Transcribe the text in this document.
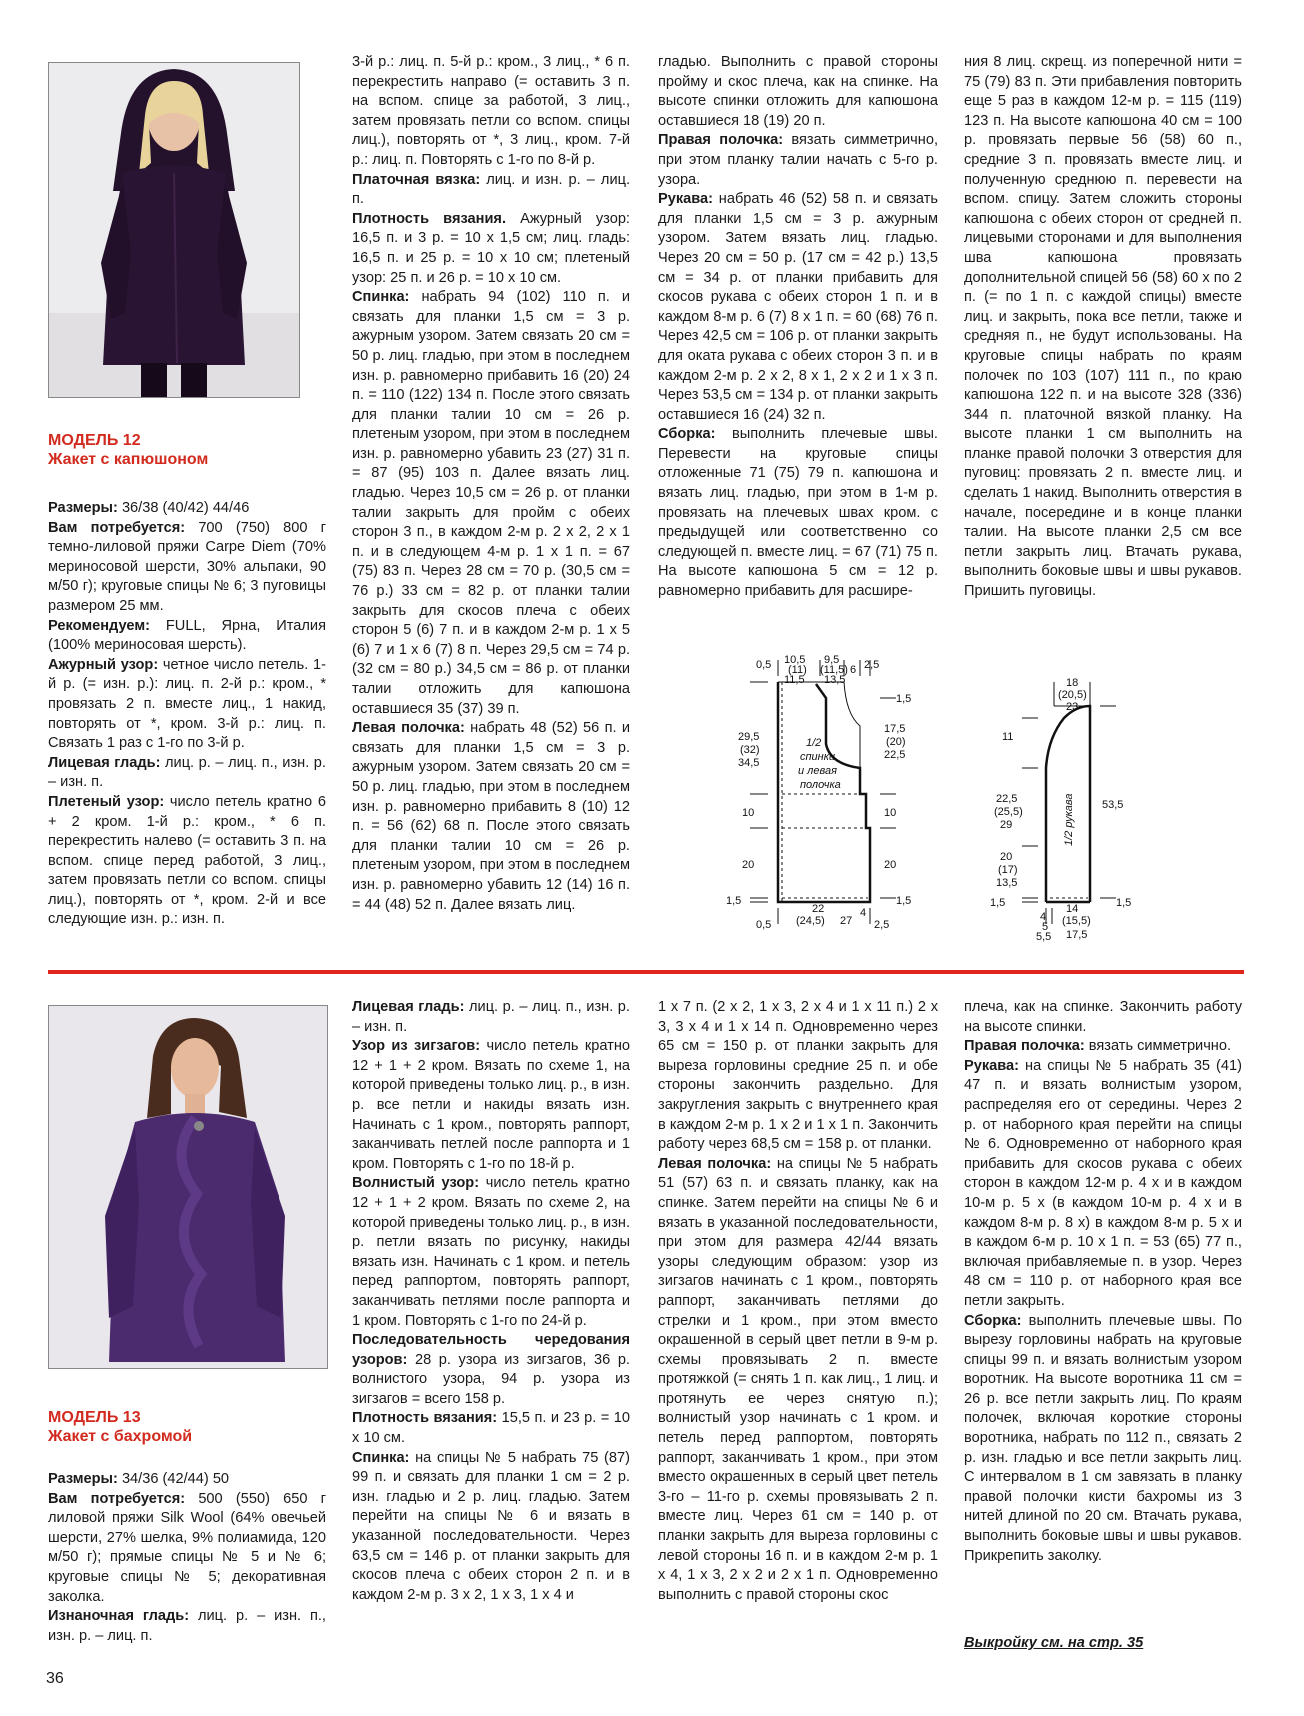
МОДЕЛЬ 12
Жакет с капюшоном

Размеры: 36/38 (40/42) 44/46

Вам потребуется: 700 (750) 800 г темно-лиловой пряжи Carpe Diem (70% мериносовой шерсти, 30% альпаки, 90 м/50 г); круговые спицы № 6; 3 пуговицы размером 25 мм.

Рекомендуем: FULL, Ярна, Италия (100% мериносовая шерсть).

Ажурный узор: четное число петель. 1-й р. (= изн. р.): лиц. п. 2-й р.: кром., * провязать 2 п. вместе лиц., 1 накид, повторять от *, кром. 3-й р.: лиц. п. Связать 1 раз с 1-го по 3-й р.

Лицевая гладь: лиц. р. – лиц. п., изн. р. – изн. п.

Плетеный узор: число петель кратно 6 + 2 кром. 1-й р.: кром., * 6 п. перекрестить налево (= оставить 3 п. на вспом. спице перед работой, 3 лиц., затем провязать петли со вспом. спицы лиц.), повторять от *, кром. 2-й и все следующие изн. р.: изн. п.

3-й р.: лиц. п. 5-й р.: кром., 3 лиц., * 6 п. перекрестить направо (= оставить 3 п. на вспом. спице за работой, 3 лиц., затем провязать петли со вспом. спицы лиц.), повторять от *, 3 лиц., кром. 7-й р.: лиц. п. Повторять с 1-го по 8-й р.

Платочная вязка: лиц. и изн. р. – лиц. п.

Плотность вязания. Ажурный узор: 16,5 п. и 3 р. = 10 х 1,5 см; лиц. гладь: 16,5 п. и 25 р. = 10 х 10 см; плетеный узор: 25 п. и 26 р. = 10 х 10 см.

Спинка: набрать 94 (102) 110 п. и связать для планки 1,5 см = 3 р. ажурным узором. Затем связать 20 см = 50 р. лиц. гладью, при этом в последнем изн. р. равномерно прибавить 16 (20) 24 п. = 110 (122) 134 п. После этого связать для планки талии 10 см = 26 р. плетеным узором, при этом в последнем изн. р. равномерно убавить 23 (27) 31 п. = 87 (95) 103 п. Далее вязать лиц. гладью. Через 10,5 см = 26 р. от планки талии закрыть для пройм с обеих сторон 3 п., в каждом 2-м р. 2 х 2, 2 х 1 п. и в следующем 4-м р. 1 х 1 п. = 67 (75) 83 п. Через 28 см = 70 р. (30,5 см = 76 р.) 33 см = 82 р. от планки талии закрыть для скосов плеча с обеих сторон 5 (6) 7 п. и в каждом 2-м р. 1 х 5 (6) 7 и 1 х 6 (7) 8 п. Через 29,5 см = 74 р. (32 см = 80 р.) 34,5 см = 86 р. от планки талии отложить для капюшона оставшиеся 35 (37) 39 п.

Левая полочка: набрать 48 (52) 56 п. и связать для планки 1,5 см = 3 р. ажурным узором. Затем связать 20 см = 50 р. лиц. гладью, при этом в последнем изн. р. равномерно прибавить 8 (10) 12 п. = 56 (62) 68 п. После этого связать для планки талии 10 см = 26 р. плетеным узором, при этом в последнем изн. р. равномерно убавить 12 (14) 16 п. = 44 (48) 52 п. Далее вязать лиц.

гладью. Выполнить с правой стороны пройму и скос плеча, как на спинке. На высоте спинки отложить для капюшона оставшиеся 18 (19) 20 п.

Правая полочка: вязать симметрично, при этом планку талии начать с 5-го р. узора.

Рукава: набрать 46 (52) 58 п. и связать для планки 1,5 см = 3 р. ажурным узором. Затем вязать лиц. гладью. Через 20 см = 50 р. (17 см = 42 р.) 13,5 см = 34 р. от планки прибавить для скосов рукава с обеих сторон 1 п. и в каждом 8-м р. 6 (7) 8 х 1 п. = 60 (68) 76 п. Через 42,5 см = 106 р. от планки закрыть для оката рукава с обеих сторон 3 п. и в каждом 2-м р. 2 х 2, 8 х 1, 2 х 2 и 1 х 3 п. Через 53,5 см = 134 р. от планки закрыть оставшиеся 16 (24) 32 п.

Сборка: выполнить плечевые швы. Перевести на круговые спицы отложенные 71 (75) 79 п. капюшона и вязать лиц. гладью, при этом в 1-м р. провязать на плечевых швах кром. с предыдущей или соответственно со следующей п. вместе лиц. = 67 (71) 75 п. На высоте капюшона 5 см = 12 р. равномерно прибавить для расшире-

ния 8 лиц. скрещ. из поперечной нити = 75 (79) 83 п. Эти прибавления повторить еще 5 раз в каждом 12-м р. = 115 (119) 123 п. На высоте капюшона 40 см = 100 р. провязать первые 56 (58) 60 п., средние 3 п. провязать вместе лиц. и полученную среднюю п. перевести на вспом. спицу. Затем сложить стороны капюшона с обеих сторон от средней п. лицевыми сторонами и для выполнения шва капюшона провязать дополнительной спицей 56 (58) 60 х по 2 п. (= по 1 п. с каждой спицы) вместе лиц. и закрыть, пока все петли, также и средняя п., не будут использованы. На круговые спицы набрать по краям полочек по 103 (107) 111 п., по краю капюшона 122 п. и на высоте 328 (336) 344 п. платочной вязкой планку. На высоте планки 1 см выполнить на планке правой полочки 3 отверстия для пуговиц: провязать 2 п. вместе лиц. и сделать 1 накид. Выполнить отверстия в начале, посередине и в конце планки талии. На высоте планки 2,5 см все петли закрыть лиц. Втачать рукава, выполнить боковые швы и швы рукавов. Пришить пуговицы.

0,5 10,5
(11)
11,5
9,5
(11,5)
13,5
6 2,5
29,5
(32)
34,5
10
20
1,5
1,5
17,5
(20)
22,5
10
20
1,5
1/2
спинки
и левая
полочка
22
(24,5) 27
0,5
4
2,5
18
(20,5)
23
11
22,5
(25,5)
29
20
(17)
13,5
1,5
53,5
1,5
1/2 рукава
4
14
(15,5)
5
5,5 17,5
МОДЕЛЬ 13
Жакет с бахромой

Размеры: 34/36 (42/44) 50

Вам потребуется: 500 (550) 650 г лиловой пряжи Silk Wool (64% овечьей шерсти, 27% шелка, 9% полиамида, 120 м/50 г); прямые спицы № 5 и № 6; круговые спицы № 5; декоративная заколка.

Изнаночная гладь: лиц. р. – изн. п., изн. р. – лиц. п.

Лицевая гладь: лиц. р. – лиц. п., изн. р. – изн. п.

Узор из зигзагов: число петель кратно 12 + 1 + 2 кром. Вязать по схеме 1, на которой приведены только лиц. р., в изн. р. все петли и накиды вязать изн. Начинать с 1 кром., повторять раппорт, заканчивать петлей после раппорта и 1 кром. Повторять с 1-го по 18-й р.

Волнистый узор: число петель кратно 12 + 1 + 2 кром. Вязать по схеме 2, на которой приведены только лиц. р., в изн. р. петли вязать по рисунку, накиды вязать изн. Начинать с 1 кром. и петель перед раппортом, повторять раппорт, заканчивать петлями после раппорта и 1 кром. Повторять с 1-го по 24-й р.

Последовательность чередования узоров: 28 р. узора из зигзагов, 36 р. волнистого узора, 94 р. узора из зигзагов = всего 158 р.

Плотность вязания: 15,5 п. и 23 р. = 10 х 10 см.

Спинка: на спицы № 5 набрать 75 (87) 99 п. и связать для планки 1 см = 2 р. изн. гладью и 2 р. лиц. гладью. Затем перейти на спицы № 6 и вязать в указанной последовательности. Через 63,5 см = 146 р. от планки закрыть для скосов плеча с обеих сторон 2 п. и в каждом 2-м р. 3 х 2, 1 х 3, 1 х 4 и

1 х 7 п. (2 х 2, 1 х 3, 2 х 4 и 1 х 11 п.) 2 х 3, 3 х 4 и 1 х 14 п. Одновременно через 65 см = 150 р. от планки закрыть для выреза горловины средние 25 п. и обе стороны закончить раздельно. Для закругления закрыть с внутреннего края в каждом 2-м р. 1 х 2 и 1 х 1 п. Закончить работу через 68,5 см = 158 р. от планки.

Левая полочка: на спицы № 5 набрать 51 (57) 63 п. и связать планку, как на спинке. Затем перейти на спицы № 6 и вязать в указанной последовательности, при этом для размера 42/44 вязать узоры следующим образом: узор из зигзагов начинать с 1 кром., повторять раппорт, заканчивать петлями до стрелки и 1 кром., при этом вместо окрашенной в серый цвет петли в 9-м р. схемы провязывать 2 п. вместе протяжкой (= снять 1 п. как лиц., 1 лиц. и протянуть ее через снятую п.); волнистый узор начинать с 1 кром. и петель перед раппортом, повторять раппорт, заканчивать 1 кром., при этом вместо окрашенных в серый цвет петель 3-го – 11-го р. схемы провязывать 2 п. вместе лиц. Через 61 см = 140 р. от планки закрыть для выреза горловины с левой стороны 16 п. и в каждом 2-м р. 1 х 4, 1 х 3, 2 х 2 и 2 х 1 п. Одновременно выполнить с правой стороны скос

плеча, как на спинке. Закончить работу на высоте спинки.

Правая полочка: вязать симметрично.

Рукава: на спицы № 5 набрать 35 (41) 47 п. и вязать волнистым узором, распределяя его от середины. Через 2 р. от наборного края перейти на спицы № 6. Одновременно от наборного края прибавить для скосов рукава с обеих сторон в каждом 12-м р. 4 х и в каждом 10-м р. 5 х (в каждом 10-м р. 4 х и в каждом 8-м р. 8 х) в каждом 8-м р. 5 х и в каждом 6-м р. 10 х 1 п. = 53 (65) 77 п., включая прибавляемые п. в узор. Через 48 см = 110 р. от наборного края все петли закрыть.

Сборка: выполнить плечевые швы. По вырезу горловины набрать на круговые спицы 99 п. и вязать волнистым узором воротник. На высоте воротника 11 см = 26 р. все петли закрыть лиц. По краям полочек, включая короткие стороны воротника, набрать по 112 п., связать 2 р. изн. гладью и все петли закрыть лиц. С интервалом в 1 см завязать в планку правой полочки кисти бахромы из 3 нитей длиной по 20 см. Втачать рукава, выполнить боковые швы и швы рукавов. Прикрепить заколку.

Выкройку см. на стр. 35
36
